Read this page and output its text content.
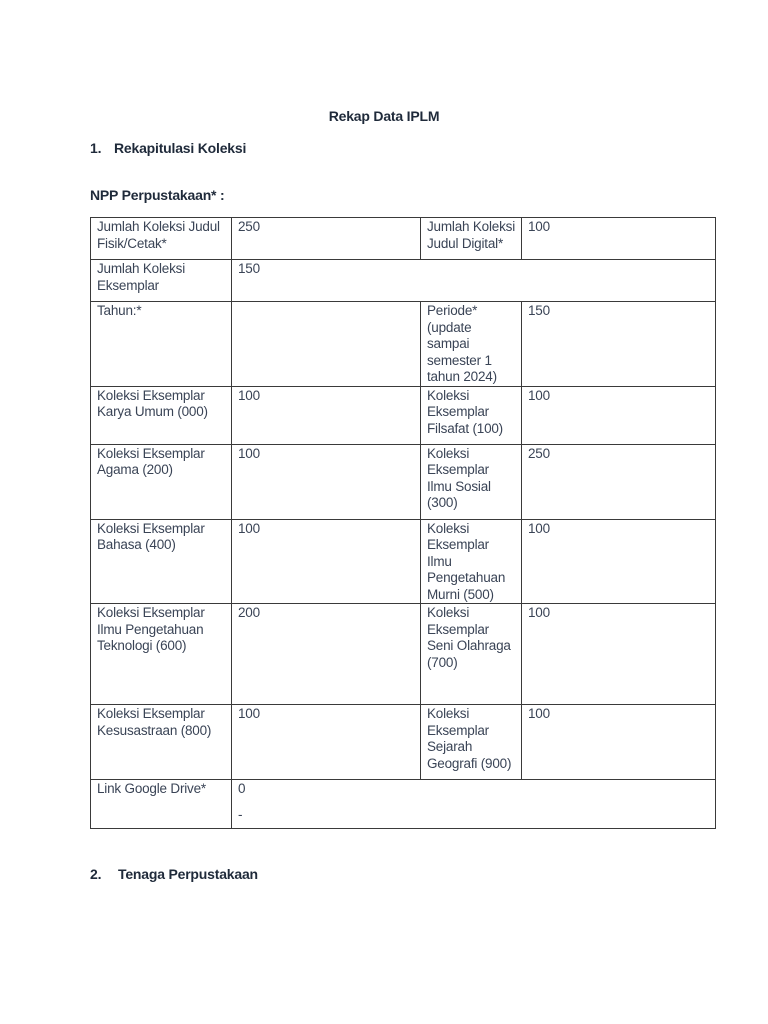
Rekap Data IPLM
1. Rekapitulasi Koleksi
NPP Perpustakaan* :
Jumlah Koleksi Judul Fisik/Cetak*	250	Jumlah Koleksi Judul Digital*	100
Jumlah Koleksi Eksemplar	150		
Tahun:*		Periode* (update sampai semester 1 tahun 2024)	150
Koleksi Eksemplar Karya Umum (000)	100	Koleksi Eksemplar Filsafat (100)	100
Koleksi Eksemplar Agama (200)	100	Koleksi Eksemplar Ilmu Sosial (300)	250
Koleksi Eksemplar Bahasa (400)	100	Koleksi Eksemplar Ilmu Pengetahuan Murni (500)	100
Koleksi Eksemplar Ilmu Pengetahuan Teknologi (600)	200	Koleksi Eksemplar Seni Olahraga (700)	100
Koleksi Eksemplar Kesusastraan (800)	100	Koleksi Eksemplar Sejarah Geografi (900)	100
Link Google Drive*	0
-		
2. Tenaga Perpustakaan
